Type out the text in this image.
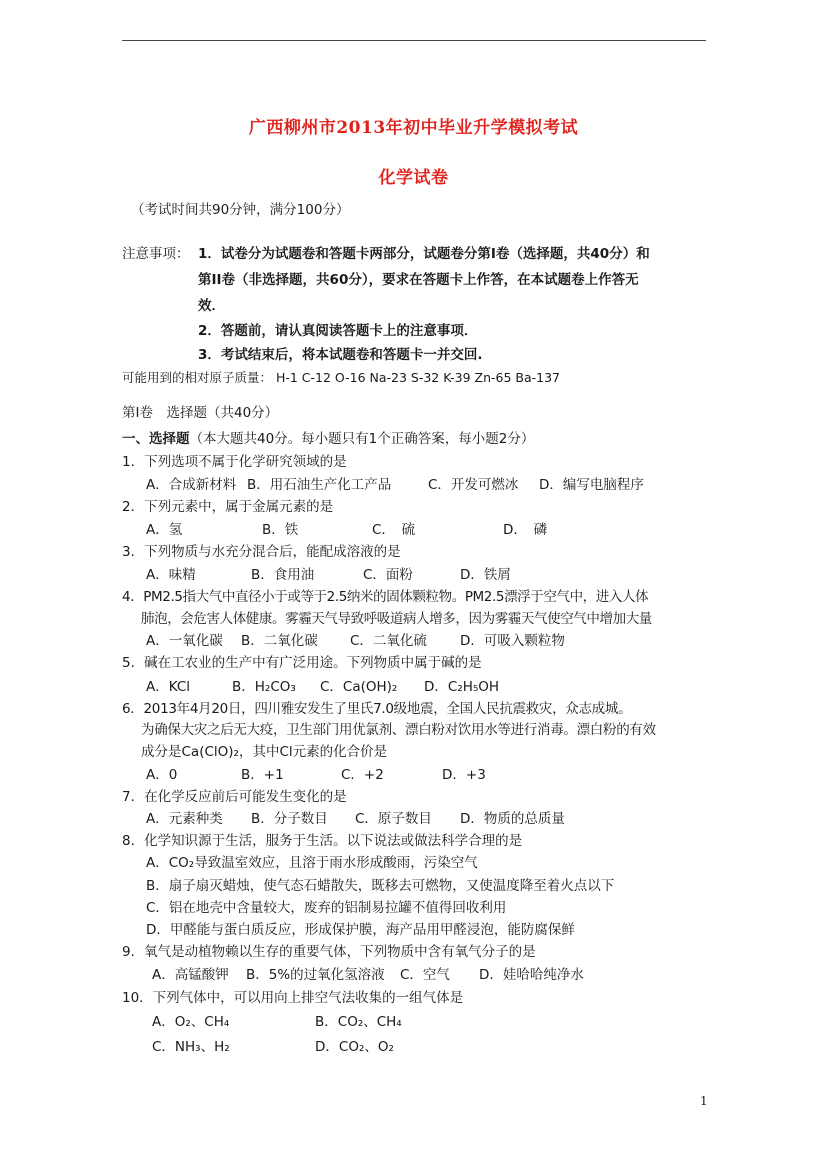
广西柳州市2013年初中毕业升学模拟考试
化学试卷
（考试时间共90分钟，满分100分）
注意事项： 1．试卷分为试题卷和答题卡两部分，试题卷分第Ⅰ卷（选择题，共40分）和
第II卷（非选择题，共60分），要求在答题卡上作答，在本试题卷上作答无
效．
2．答题前，请认真阅读答题卡上的注意事项．
3．考试结束后，将本试题卷和答题卡一并交回.
可能用到的相对原子质量： H-1 C-12 O-16 Na-23 S-32 K-39 Zn-65 Ba-137
第Ⅰ卷　选择题（共40分）
一、选择题（本大题共40分。每小题只有1个正确答案，每小题2分）
1．下列选项不属于化学研究领域的是
A．合成新材料 B．用石油生产化工产品	C．开发可燃冰 D．编写电脑程序
2．下列元素中，属于金属元素的是
A．氢	B．铁	C．　硫	D．　磷
3．下列物质与水充分混合后，能配成溶液的是
A．味精	B．食用油	C．面粉	D．铁屑
4．PM2.5指大气中直径小于或等于2.5纳米的固体颗粒物。PM2.5漂浮于空气中，进入人体
肺泡，会危害人体健康。雾霾天气导致呼吸道病人增多，因为雾霾天气使空气中增加大量
A．一氧化碳 B．二氧化碳 C．二氧化硫 D．可吸入颗粒物
5．碱在工农业的生产中有广泛用途。下列物质中属于碱的是
A．KCl	B．H₂CO₃ C．Ca(OH)₂ D．C₂H₅OH
6．2013年4月20日，四川雅安发生了里氏7.0级地震，全国人民抗震救灾，众志成城。
为确保大灾之后无大疫，卫生部门用优氯剂、漂白粉对饮用水等进行消毒。漂白粉的有效
成分是Ca(ClO)₂，其中Cl元素的化合价是
A．0	B．+1	C．+2	D．+3
7．在化学反应前后可能发生变化的是
A．元素种类 B．分子数目 C．原子数目 D．物质的总质量
8．化学知识源于生活，服务于生活。以下说法或做法科学合理的是
A．CO₂导致温室效应，且溶于雨水形成酸雨，污染空气
B．扇子扇灭蜡烛，使气态石蜡散失，既移去可燃物，又使温度降至着火点以下
C．铝在地壳中含量较大，废弃的铝制易拉罐不值得回收利用
D．甲醛能与蛋白质反应，形成保护膜，海产品用甲醛浸泡，能防腐保鲜
9．氧气是动植物赖以生存的重要气体，下列物质中含有氧气分子的是
A．高锰酸钾 B．5%的过氧化氢溶液 C．空气 D．娃哈哈纯净水
10．下列气体中，可以用向上排空气法收集的一组气体是
A．O₂、CH₄	B．CO₂、CH₄
C．NH₃、H₂	D．CO₂、O₂
1
